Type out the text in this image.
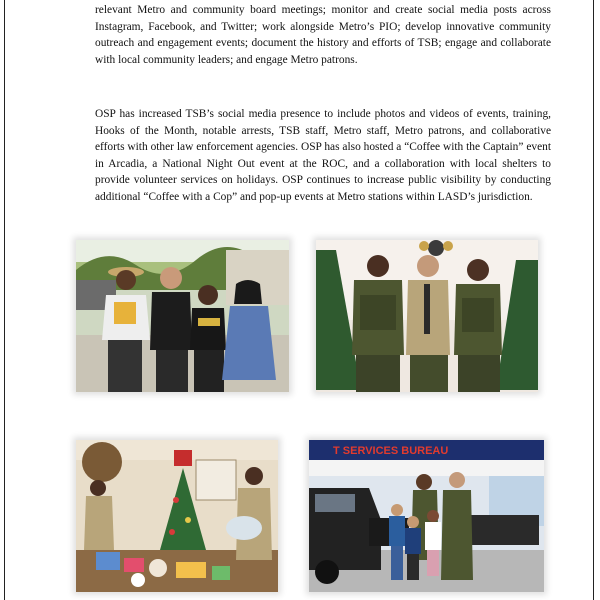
relevant Metro and community board meetings; monitor and create social media posts across Instagram, Facebook, and Twitter; work alongside Metro’s PIO; develop innovative community outreach and engagement events; document the history and efforts of TSB; engage and collaborate with local community leaders; and engage Metro patrons.

OSP has increased TSB’s social media presence to include photos and videos of events, training, Hooks of the Month, notable arrests, TSB staff, Metro staff, Metro patrons, and collaborative efforts with other law enforcement agencies. OSP has also hosted a “Coffee with the Captain” event in Arcadia, a National Night Out event at the ROC, and a collaboration with local shelters to provide volunteer services on holidays. OSP continues to increase public visibility by conducting additional “Coffee with a Cop” and pop-up events at Metro stations within LASD’s jurisdiction.

T SERVICES BUREAU
